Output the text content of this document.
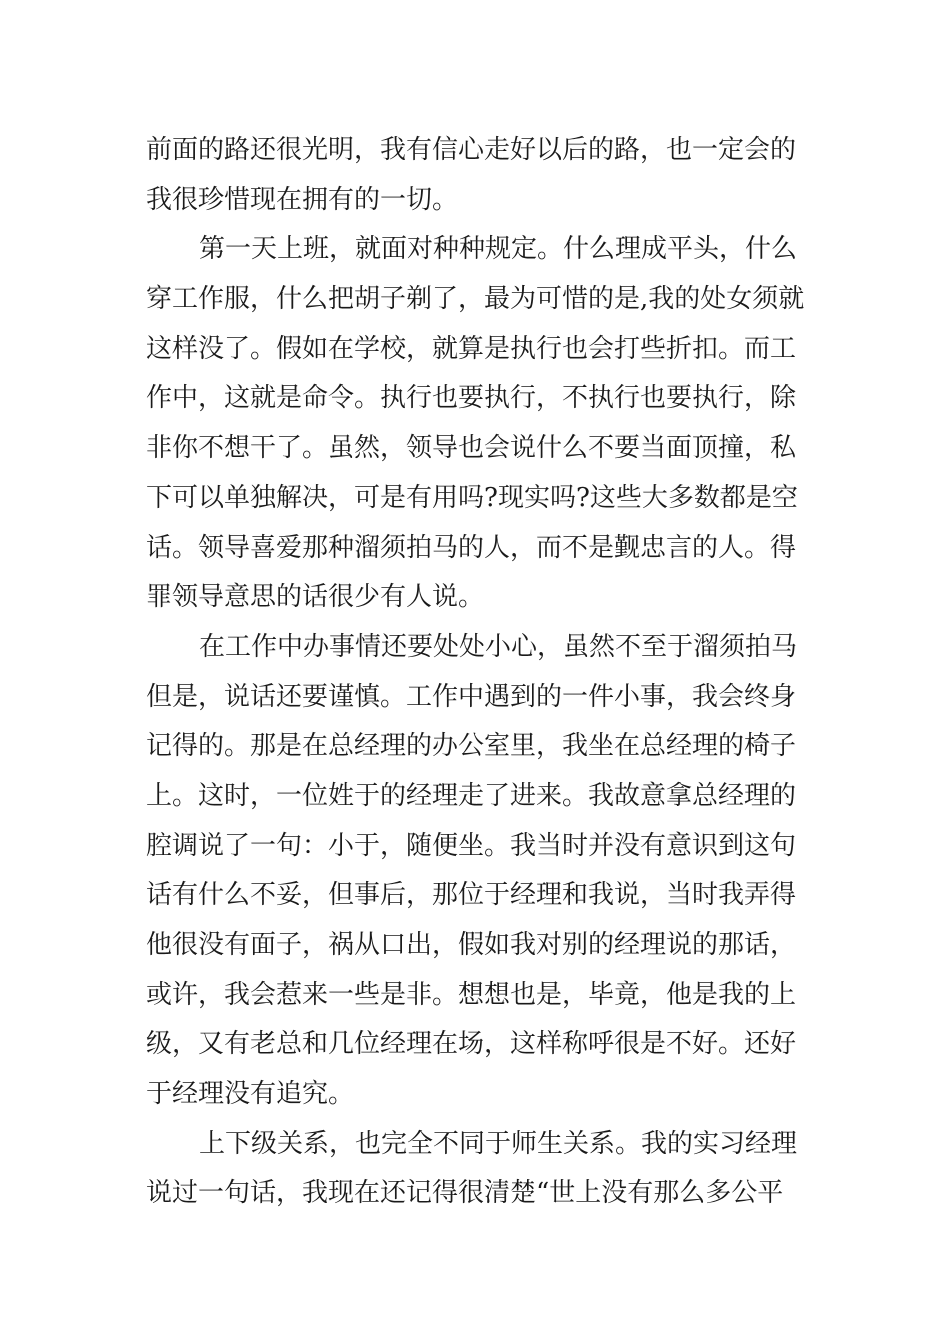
前面的路还很光明，我有信心走好以后的路，也一定会的
我很珍惜现在拥有的一切。
第一天上班，就面对种种规定。什么理成平头，什么
穿工作服，什么把胡子剃了，最为可惜的是,我的处女须就
这样没了。假如在学校，就算是执行也会打些折扣。而工
作中，这就是命令。执行也要执行，不执行也要执行，除
非你不想干了。虽然，领导也会说什么不要当面顶撞，私
下可以单独解决，可是有用吗?现实吗?这些大多数都是空
话。领导喜爱那种溜须拍马的人，而不是觐忠言的人。得
罪领导意思的话很少有人说。
在工作中办事情还要处处小心，虽然不至于溜须拍马
但是，说话还要谨慎。工作中遇到的一件小事，我会终身
记得的。那是在总经理的办公室里，我坐在总经理的椅子
上。这时，一位姓于的经理走了进来。我故意拿总经理的
腔调说了一句：小于，随便坐。我当时并没有意识到这句
话有什么不妥，但事后，那位于经理和我说，当时我弄得
他很没有面子，祸从口出，假如我对别的经理说的那话，
或许，我会惹来一些是非。想想也是，毕竟，他是我的上
级，又有老总和几位经理在场，这样称呼很是不好。还好
于经理没有追究。
上下级关系，也完全不同于师生关系。我的实习经理
说过一句话，我现在还记得很清楚“世上没有那么多公平
